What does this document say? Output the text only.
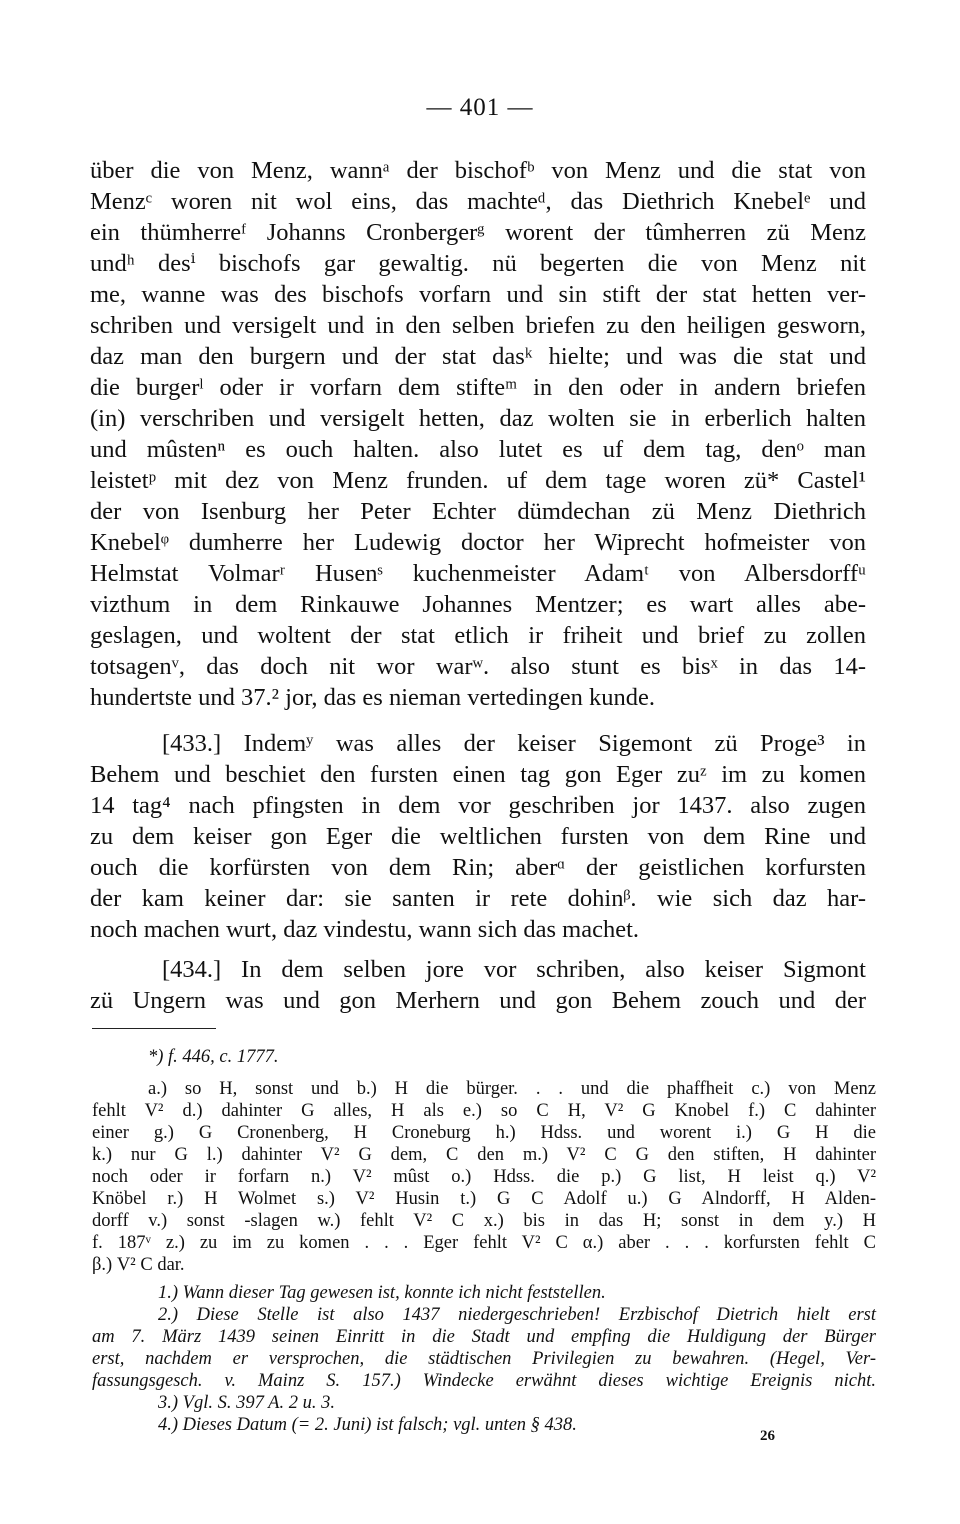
— 401 —
über die von Menz, wannᵃ der bischofᵇ von Menz und die stat von
Menzᶜ woren nit wol eins, das machteᵈ, das Diethrich Knebelᵉ und
ein thümherreᶠ Johanns Cronbergerᵍ worent der tûmherren zü Menz
undʰ desⁱ bischofs gar gewaltig. nü begerten die von Menz nit
me, wanne was des bischofs vorfarn und sin stift der stat hetten ver-
schriben und versigelt und in den selben briefen zu den heiligen gesworn,
daz man den burgern und der stat dasᵏ hielte; und was die stat und
die burgerˡ oder ir vorfarn dem stifteᵐ in den oder in andern briefen
(in) verschriben und versigelt hetten, daz wolten sie in erberlich halten
und mûstenⁿ es ouch halten. also lutet es uf dem tag, denᵒ man
leistetᵖ mit dez von Menz frunden. uf dem tage woren zü* Castel¹
der von Isenburg her Peter Echter dümdechan zü Menz Diethrich
Knebelᵠ dumherre her Ludewig doctor her Wiprecht hofmeister von
Helmstat Volmarʳ Husenˢ kuchenmeister Adamᵗ von Albersdorffᵘ
vizthum in dem Rinkauwe Johannes Mentzer; es wart alles abe-
geslagen, und woltent der stat etlich ir friheit und brief zu zollen
totsagenᵛ, das doch nit wor warʷ. also stunt es bisˣ in das 14-
hundertste und 37.² jor, das es nieman vertedingen kunde.
[433.] Indemʸ was alles der keiser Sigemont zü Proge³ in
Behem und beschiet den fursten einen tag gon Eger zuᶻ im zu komen
14 tag⁴ nach pfingsten in dem vor geschriben jor 1437. also zugen
zu dem keiser gon Eger die weltlichen fursten von dem Rine und
ouch die korfürsten von dem Rin; aberᵅ der geistlichen korfursten
der kam keiner dar: sie santen ir rete dohinᵝ. wie sich daz har-
noch machen wurt, daz vindestu, wann sich das machet.
[434.] In dem selben jore vor schriben, also keiser Sigmont
zü Ungern was und gon Merhern und gon Behem zouch und der
*) f. 446, c. 1777.
a.) so H, sonst und b.) H die bürger. . . und die phaffheit c.) von Menz
fehlt V² d.) dahinter G alles, H als e.) so C H, V² G Knobel f.) C dahinter
einer g.) G Cronenberg, H Croneburg h.) Hdss. und worent i.) G H die
k.) nur G l.) dahinter V² G dem, C den m.) V² C G den stiften, H dahinter
noch oder ir forfarn n.) V² mûst o.) Hdss. die p.) G list, H leist q.) V²
Knöbel r.) H Wolmet s.) V² Husin t.) G C Adolf u.) G Alndorff, H Alden-
dorff v.) sonst -slagen w.) fehlt V² C x.) bis in das H; sonst in dem y.) H
f. 187ᵛ z.) zu im zu komen . . . Eger fehlt V² C α.) aber . . . korfursten fehlt C
β.) V² C dar.
1.) Wann dieser Tag gewesen ist, konnte ich nicht feststellen.
2.) Diese Stelle ist also 1437 niedergeschrieben! Erzbischof Dietrich hielt erst
am 7. März 1439 seinen Einritt in die Stadt und empfing die Huldigung der Bürger
erst, nachdem er versprochen, die städtischen Privilegien zu bewahren. (Hegel, Ver-
fassungsgesch. v. Mainz S. 157.) Windecke erwähnt dieses wichtige Ereignis nicht.
3.) Vgl. S. 397 A. 2 u. 3.
4.) Dieses Datum (= 2. Juni) ist falsch; vgl. unten § 438.
26
